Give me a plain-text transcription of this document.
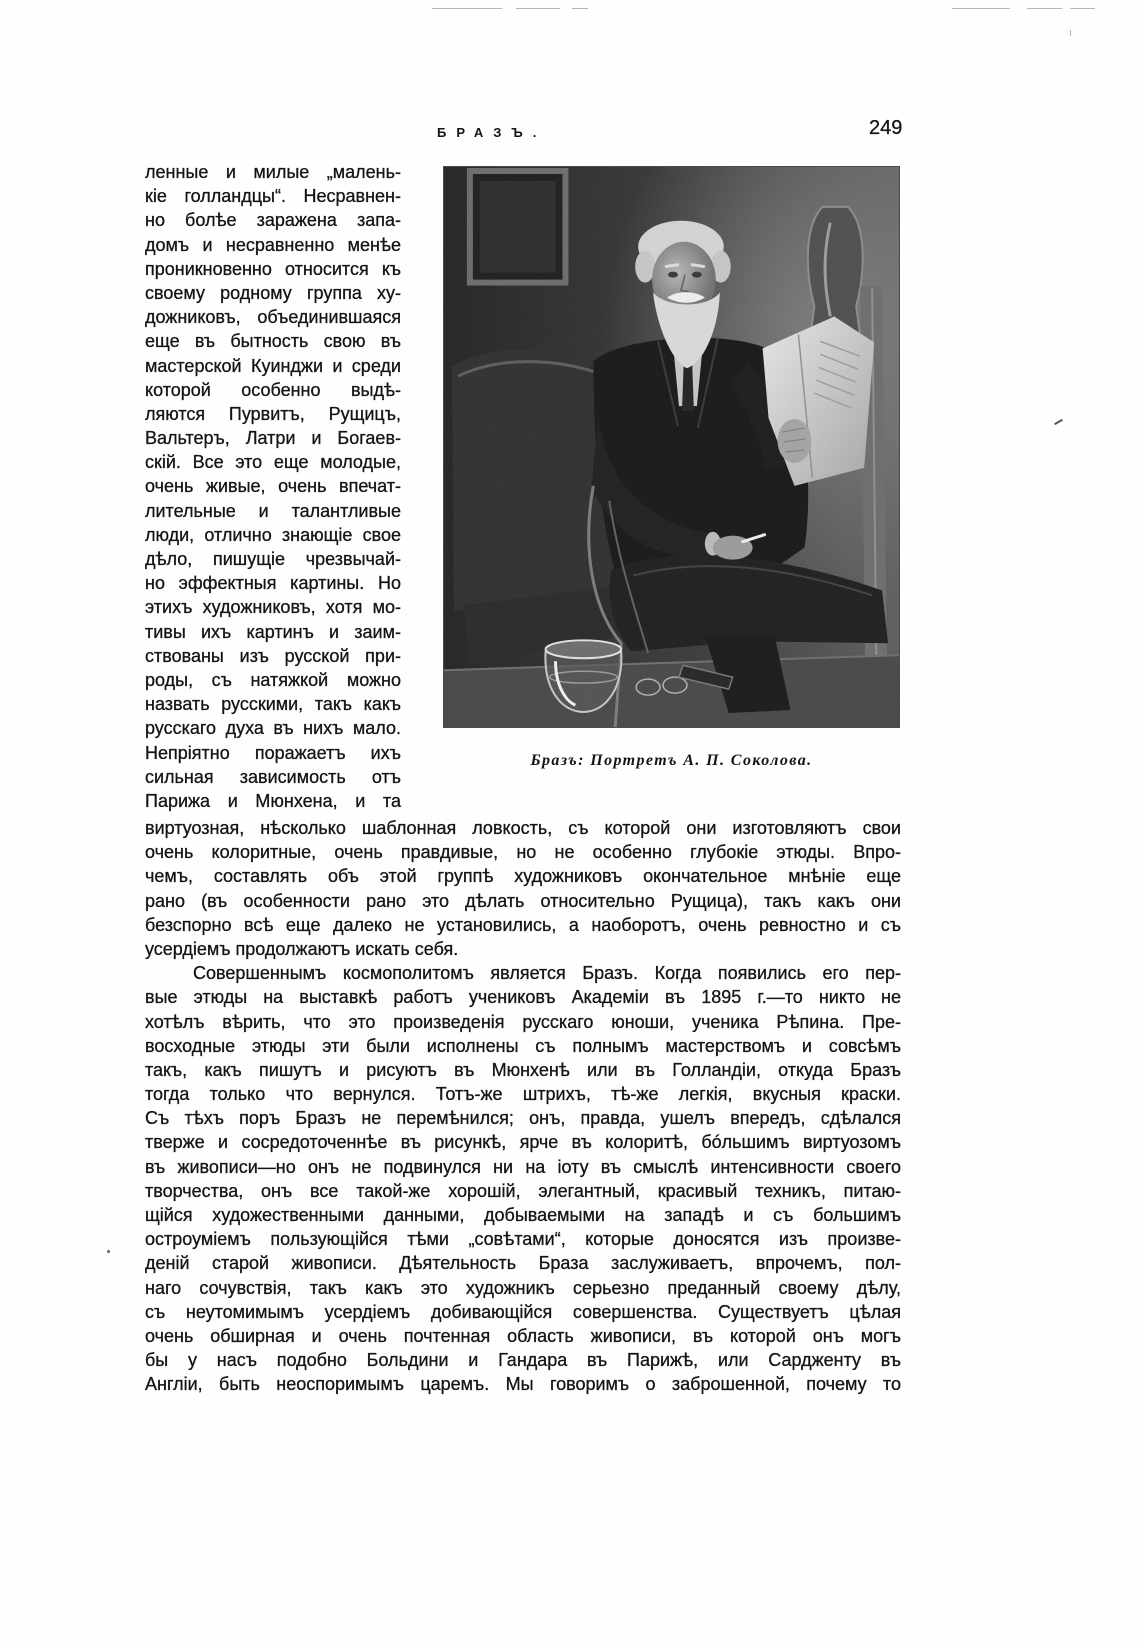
БРАЗЪ.	249
ленные и милые „малень-
кіе голландцы“. Несравнен-
но болѣе заражена запа-
домъ и несравненно менѣе
проникновенно относится къ
своему родному группа ху-
дожниковъ, объединившаяся
еще въ бытность свою въ
мастерской Куинджи и среди
которой особенно выдѣ-
ляются Пурвитъ, Рущицъ,
Вальтеръ, Латри и Богаев-
скій. Все это еще молодые,
очень живые, очень впечат-
лительные и талантливые
люди, отлично знающіе свое
дѣло, пишущіе чрезвычай-
но эффектныя картины. Но
этихъ художниковъ, хотя мо-
тивы ихъ картинъ и заим-
ствованы изъ русской при-
роды, съ натяжкой можно
назвать русскими, такъ какъ
русскаго духа въ нихъ мало.
Непріятно поражаетъ ихъ
сильная зависимость отъ
Парижа и Мюнхена, и та
Бразъ: Портретъ А. П. Соколова.
виртуозная, нѣсколько шаблонная ловкость, съ которой они изготовляютъ свои
очень колоритные, очень правдивые, но не особенно глубокіе этюды. Впро-
чемъ, составлять объ этой группѣ художниковъ окончательное мнѣніе еще
рано (въ особенности рано это дѣлать относительно Рущица), такъ какъ они
безспорно всѣ еще далеко не установились, а наоборотъ, очень ревностно и съ
усердіемъ продолжаютъ искать себя.
Совершеннымъ космополитомъ является Бразъ. Когда появились его пер-
вые этюды на выставкѣ работъ учениковъ Академіи въ 1895 г.—то никто не
хотѣлъ вѣрить, что это произведенія русскаго юноши, ученика Рѣпина. Пре-
восходные этюды эти были исполнены съ полнымъ мастерствомъ и совсѣмъ
такъ, какъ пишутъ и рисуютъ въ Мюнхенѣ или въ Голландіи, откуда Бразъ
тогда только что вернулся. Тотъ-же штрихъ, тѣ-же легкія, вкусныя краски.
Съ тѣхъ поръ Бразъ не перемѣнился; онъ, правда, ушелъ впередъ, сдѣлался
тверже и сосредоточеннѣе въ рисункѣ, ярче въ колоритѣ, бóльшимъ виртуозомъ
въ живописи—но онъ не подвинулся ни на іоту въ смыслѣ интенсивности своего
творчества, онъ все такой-же хорошій, элегантный, красивый техникъ, питаю-
щійся художественными данными, добываемыми на западѣ и съ большимъ
остроуміемъ пользующійся тѣми „совѣтами“, которые доносятся изъ произве-
деній старой живописи. Дѣятельность Браза заслуживаетъ, впрочемъ, пол-
наго сочувствія, такъ какъ это художникъ серьезно преданный своему дѣлу,
съ неутомимымъ усердіемъ добивающійся совершенства. Существуетъ цѣлая
очень обширная и очень почтенная область живописи, въ которой онъ могъ
бы у насъ подобно Больдини и Гандара въ Парижѣ, или Сардженту въ
Англіи, быть неоспоримымъ царемъ. Мы говоримъ о заброшенной, почему то
